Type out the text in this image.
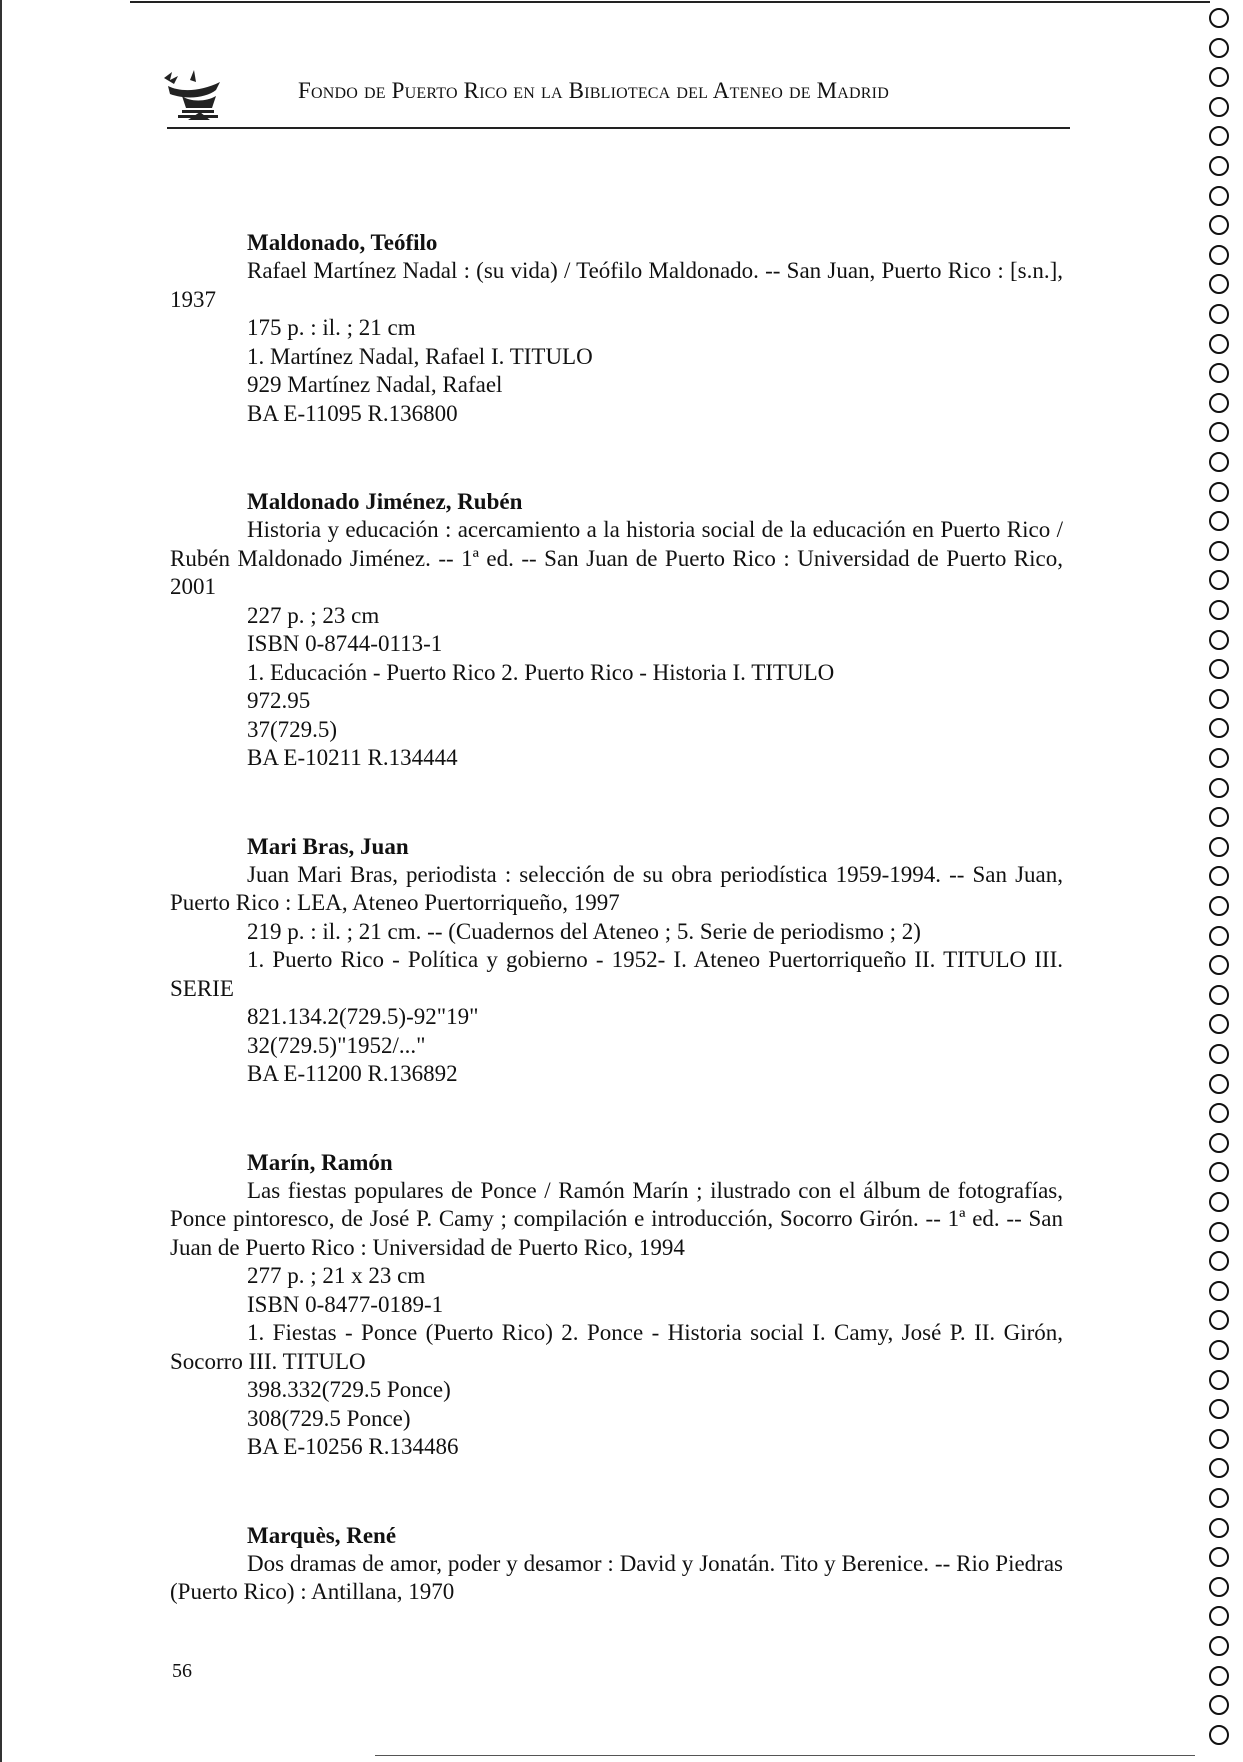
Fondo de Puerto Rico en la Biblioteca del Ateneo de Madrid
Maldonado, Teófilo
Rafael Martínez Nadal : (su vida) / Teófilo Maldonado. -- San Juan, Puerto Rico : [s.n.], 1937
175 p. : il. ; 21 cm
1. Martínez Nadal, Rafael I. TITULO
929 Martínez Nadal, Rafael
BA E-11095 R.136800
Maldonado Jiménez, Rubén
Historia y educación : acercamiento a la historia social de la educación en Puerto Rico / Rubén Maldonado Jiménez. -- 1ª ed. -- San Juan de Puerto Rico : Universidad de Puerto Rico, 2001
227 p. ; 23 cm
ISBN 0-8744-0113-1
1. Educación - Puerto Rico 2. Puerto Rico - Historia I. TITULO
972.95
37(729.5)
BA E-10211 R.134444
Mari Bras, Juan
Juan Mari Bras, periodista : selección de su obra periodística 1959-1994. -- San Juan, Puerto Rico : LEA, Ateneo Puertorriqueño, 1997
219 p. : il. ; 21 cm. -- (Cuadernos del Ateneo ; 5. Serie de periodismo ; 2)
1. Puerto Rico - Política y gobierno - 1952- I. Ateneo Puertorriqueño II. TITULO III. SERIE
821.134.2(729.5)-92"19"
32(729.5)"1952/..."
BA E-11200 R.136892
Marín, Ramón
Las fiestas populares de Ponce / Ramón Marín ; ilustrado con el álbum de fotografías, Ponce pintoresco, de José P. Camy ; compilación e introducción, Socorro Girón. -- 1ª ed. -- San Juan de Puerto Rico : Universidad de Puerto Rico, 1994
277 p. ; 21 x 23 cm
ISBN 0-8477-0189-1
1. Fiestas - Ponce (Puerto Rico) 2. Ponce - Historia social I. Camy, José P. II. Girón, Socorro III. TITULO
398.332(729.5 Ponce)
308(729.5 Ponce)
BA E-10256 R.134486
Marquès, René
Dos dramas de amor, poder y desamor : David y Jonatán. Tito y Berenice. -- Rio Piedras (Puerto Rico) : Antillana, 1970
56
